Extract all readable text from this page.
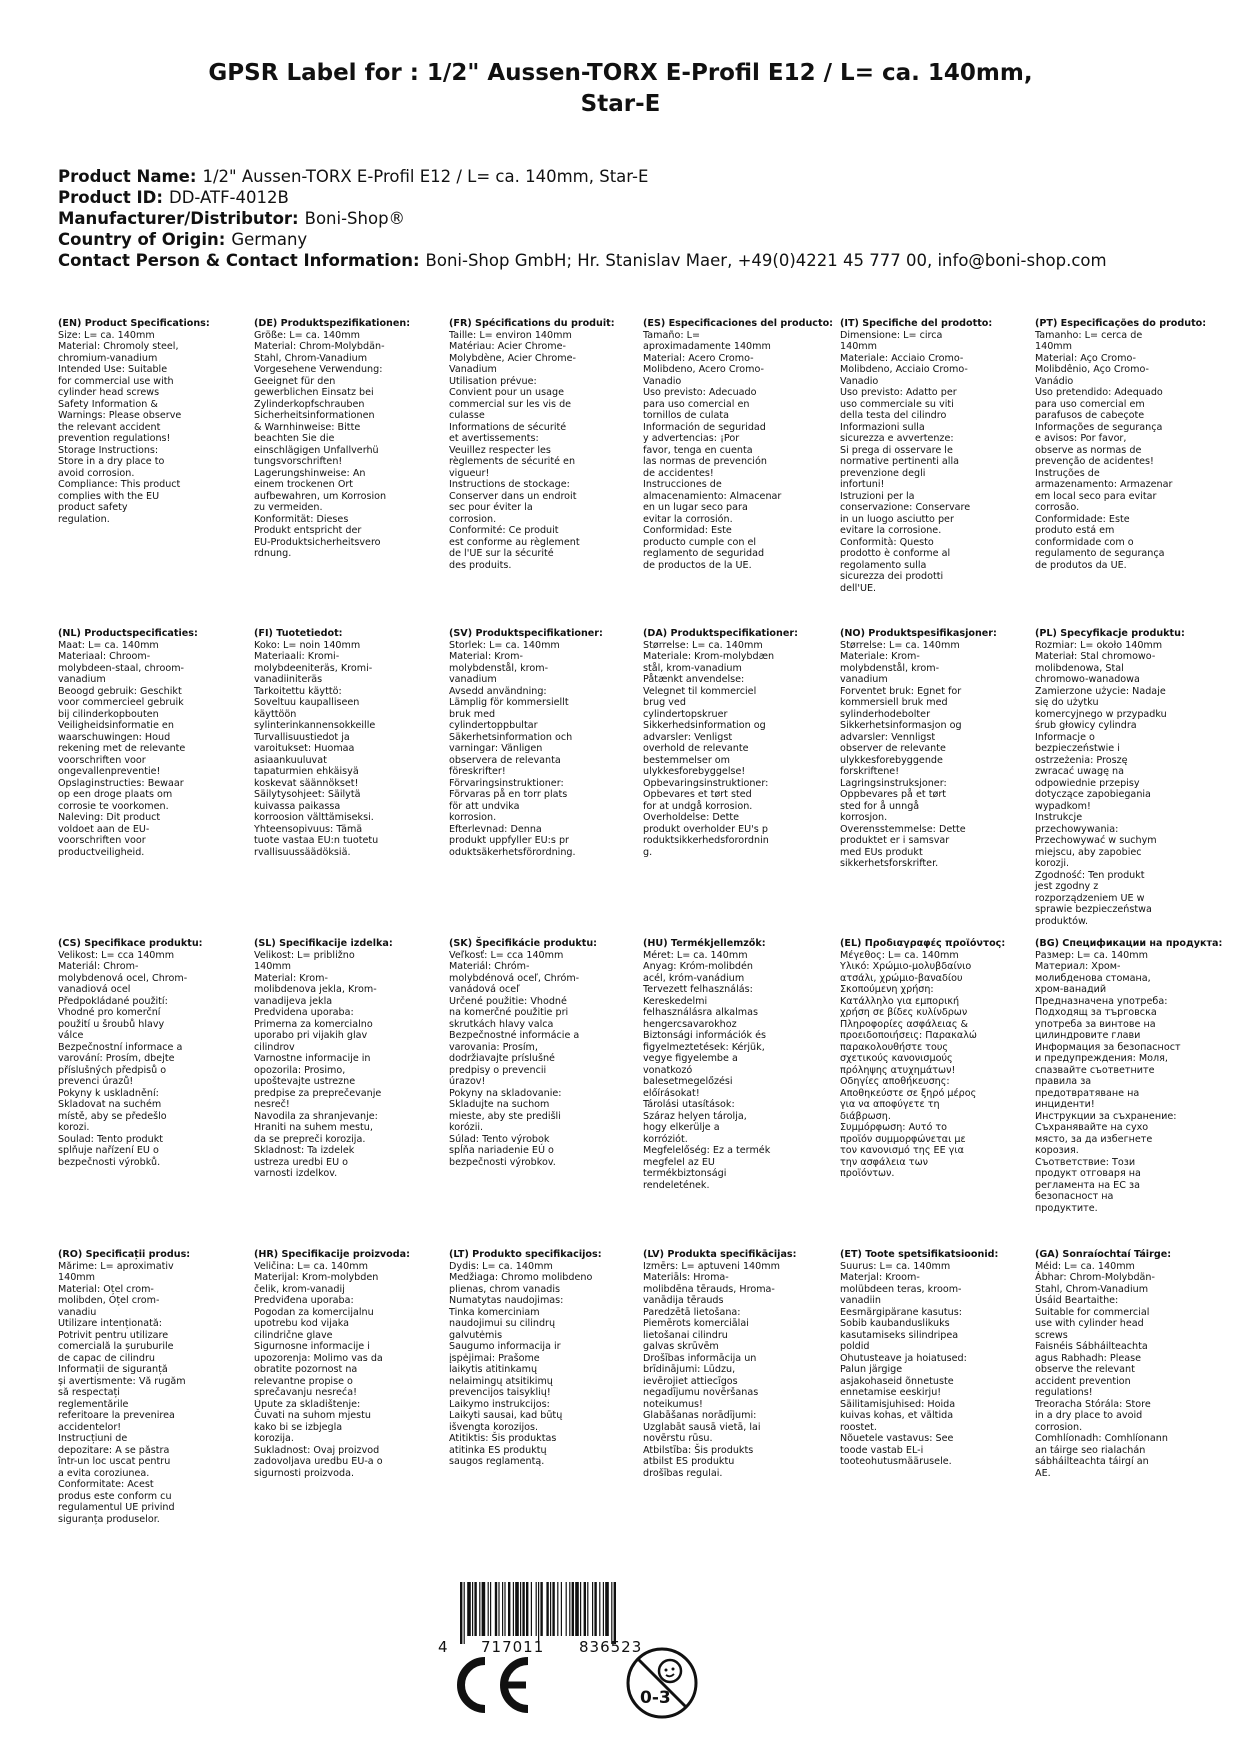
GPSR Label for : 1/2" Aussen-TORX E-Profil E12 / L= ca. 140mm,
Star-E
Product Name: 1/2" Aussen-TORX E-Profil E12 / L= ca. 140mm, Star-E
Product ID: DD-ATF-4012B
Manufacturer/Distributor: Boni-Shop®
Country of Origin: Germany
Contact Person & Contact Information: Boni-Shop GmbH; Hr. Stanislav Maer, +49(0)4221 45 777 00, info@boni-shop.com
(EN) Product Specifications:
Size: L= ca. 140mm
Material: Chromoly steel,
chromium-vanadium
Intended Use: Suitable
for commercial use with
cylinder head screws
Safety Information &
Warnings: Please observe
the relevant accident
prevention regulations!
Storage Instructions:
Store in a dry place to
avoid corrosion.
Compliance: This product
complies with the EU
product safety
regulation.
(DE) Produktspezifikationen:
Größe: L= ca. 140mm
Material: Chrom-Molybdän-
Stahl, Chrom-Vanadium
Vorgesehene Verwendung:
Geeignet für den
gewerblichen Einsatz bei
Zylinderkopfschrauben
Sicherheitsinformationen
& Warnhinweise: Bitte
beachten Sie die
einschlägigen Unfallverhü
tungsvorschriften!
Lagerungshinweise: An
einem trockenen Ort
aufbewahren, um Korrosion
zu vermeiden.
Konformität: Dieses
Produkt entspricht der
EU-Produktsicherheitsvero
rdnung.
(FR) Spécifications du produit:
Taille: L= environ 140mm
Matériau: Acier Chrome-
Molybdène, Acier Chrome-
Vanadium
Utilisation prévue:
Convient pour un usage
commercial sur les vis de
culasse
Informations de sécurité
et avertissements:
Veuillez respecter les
règlements de sécurité en
vigueur!
Instructions de stockage:
Conserver dans un endroit
sec pour éviter la
corrosion.
Conformité: Ce produit
est conforme au règlement
de l'UE sur la sécurité
des produits.
(ES) Especificaciones del producto:
Tamaño: L=
aproximadamente 140mm
Material: Acero Cromo-
Molibdeno, Acero Cromo-
Vanadio
Uso previsto: Adecuado
para uso comercial en
tornillos de culata
Información de seguridad
y advertencias: ¡Por
favor, tenga en cuenta
las normas de prevención
de accidentes!
Instrucciones de
almacenamiento: Almacenar
en un lugar seco para
evitar la corrosión.
Conformidad: Este
producto cumple con el
reglamento de seguridad
de productos de la UE.
(IT) Specifiche del prodotto:
Dimensione: L= circa
140mm
Materiale: Acciaio Cromo-
Molibdeno, Acciaio Cromo-
Vanadio
Uso previsto: Adatto per
uso commerciale su viti
della testa del cilindro
Informazioni sulla
sicurezza e avvertenze:
Si prega di osservare le
normative pertinenti alla
prevenzione degli
infortuni!
Istruzioni per la
conservazione: Conservare
in un luogo asciutto per
evitare la corrosione.
Conformità: Questo
prodotto è conforme al
regolamento sulla
sicurezza dei prodotti
dell'UE.
(PT) Especificações do produto:
Tamanho: L= cerca de
140mm
Material: Aço Cromo-
Molibdênio, Aço Cromo-
Vanádio
Uso pretendido: Adequado
para uso comercial em
parafusos de cabeçote
Informações de segurança
e avisos: Por favor,
observe as normas de
prevenção de acidentes!
Instruções de
armazenamento: Armazenar
em local seco para evitar
corrosão.
Conformidade: Este
produto está em
conformidade com o
regulamento de segurança
de produtos da UE.
(NL) Productspecificaties:
Maat: L= ca. 140mm
Materiaal: Chroom-
molybdeen-staal, chroom-
vanadium
Beoogd gebruik: Geschikt
voor commercieel gebruik
bij cilinderkopbouten
Veiligheidsinformatie en
waarschuwingen: Houd
rekening met de relevante
voorschriften voor
ongevallenpreventie!
Opslaginstructies: Bewaar
op een droge plaats om
corrosie te voorkomen.
Naleving: Dit product
voldoet aan de EU-
voorschriften voor
productveiligheid.
(FI) Tuotetiedot:
Koko: L= noin 140mm
Materiaali: Kromi-
molybdeeniteräs, Kromi-
vanadiiniteräs
Tarkoitettu käyttö:
Soveltuu kaupalliseen
käyttöön
sylinterinkannensokkeille
Turvallisuustiedot ja
varoitukset: Huomaa
asiaankuuluvat
tapaturmien ehkäisyä
koskevat säännökset!
Säilytysohjeet: Säilytä
kuivassa paikassa
korroosion välttämiseksi.
Yhteensopivuus: Tämä
tuote vastaa EU:n tuotetu
rvallisuussäädöksiä.
(SV) Produktspecifikationer:
Storlek: L= ca. 140mm
Material: Krom-
molybdenstål, krom-
vanadium
Avsedd användning:
Lämplig för kommersiellt
bruk med
cylindertoppbultar
Säkerhetsinformation och
varningar: Vänligen
observera de relevanta
föreskrifter!
Förvaringsinstruktioner:
Förvaras på en torr plats
för att undvika
korrosion.
Efterlevnad: Denna
produkt uppfyller EU:s pr
oduktsäkerhetsförordning.
(DA) Produktspecifikationer:
Størrelse: L= ca. 140mm
Materiale: Krom-molybdæn
stål, krom-vanadium
Påtænkt anvendelse:
Velegnet til kommerciel
brug ved
cylindertopskruer
Sikkerhedsinformation og
advarsler: Venligst
overhold de relevante
bestemmelser om
ulykkesforebyggelse!
Opbevaringsinstruktioner:
Opbevares et tørt sted
for at undgå korrosion.
Overholdelse: Dette
produkt overholder EU's p
roduktsikkerhedsforordnin
g.
(NO) Produktspesifikasjoner:
Størrelse: L= ca. 140mm
Materiale: Krom-
molybdenstål, krom-
vanadium
Forventet bruk: Egnet for
kommersiell bruk med
sylinderhodebolter
Sikkerhetsinformasjon og
advarsler: Vennligst
observer de relevante
ulykkesforebyggende
forskriftene!
Lagringsinstruksjoner:
Oppbevares på et tørt
sted for å unngå
korrosjon.
Overensstemmelse: Dette
produktet er i samsvar
med EUs produkt
sikkerhetsforskrifter.
(PL) Specyfikacje produktu:
Rozmiar: L= około 140mm
Materiał: Stal chromowo-
molibdenowa, Stal
chromowo-wanadowa
Zamierzone użycie: Nadaje
się do użytku
komercyjnego w przypadku
śrub głowicy cylindra
Informacje o
bezpieczeństwie i
ostrzeżenia: Proszę
zwracać uwagę na
odpowiednie przepisy
dotyczące zapobiegania
wypadkom!
Instrukcje
przechowywania:
Przechowywać w suchym
miejscu, aby zapobiec
korozji.
Zgodność: Ten produkt
jest zgodny z
rozporządzeniem UE w
sprawie bezpieczeństwa
produktów.
(CS) Specifikace produktu:
Velikost: L= cca 140mm
Materiál: Chrom-
molybdenová ocel, Chrom-
vanadiová ocel
Předpokládané použití:
Vhodné pro komerční
použití u šroubů hlavy
válce
Bezpečnostní informace a
varování: Prosím, dbejte
příslušných předpisů o
prevenci úrazů!
Pokyny k uskladnění:
Skladovat na suchém
místě, aby se předešlo
korozi.
Soulad: Tento produkt
splňuje nařízení EU o
bezpečnosti výrobků.
(SL) Specifikacije izdelka:
Velikost: L= približno
140mm
Material: Krom-
molibdenova jekla, Krom-
vanadijeva jekla
Predvidena uporaba:
Primerna za komercialno
uporabo pri vijakih glav
cilindrov
Varnostne informacije in
opozorila: Prosimo,
upoštevajte ustrezne
predpise za preprečevanje
nesreč!
Navodila za shranjevanje:
Hraniti na suhem mestu,
da se prepreči korozija.
Skladnost: Ta izdelek
ustreza uredbi EU o
varnosti izdelkov.
(SK) Špecifikácie produktu:
Veľkosť: L= cca 140mm
Materiál: Chróm-
molybdénová oceľ, Chróm-
vanádová oceľ
Určené použitie: Vhodné
na komerčné použitie pri
skrutkách hlavy valca
Bezpečnostné informácie a
varovania: Prosím,
dodržiavajte príslušné
predpisy o prevencii
úrazov!
Pokyny na skladovanie:
Skladujte na suchom
mieste, aby ste predišli
korózii.
Súlad: Tento výrobok
spĺňa nariadenie EÚ o
bezpečnosti výrobkov.
(HU) Termékjellemzők:
Méret: L= ca. 140mm
Anyag: Króm-molibdén
acél, króm-vanádium
Tervezett felhasználás:
Kereskedelmi
felhasználásra alkalmas
hengercsavarokhoz
Biztonsági információk és
figyelmeztetések: Kérjük,
vegye figyelembe a
vonatkozó
balesetmegelőzési
előírásokat!
Tárolási utasítások:
Száraz helyen tárolja,
hogy elkerülje a
korróziót.
Megfelelőség: Ez a termék
megfelel az EU
termékbiztonsági
rendeletének.
(EL) Προδιαγραφές προϊόντος:
Μέγεθος: L= ca. 140mm
Υλικό: Χρώμιο-μολυβδαίνιο
ατσάλι, χρώμιο-βαναδίου
Σκοπούμενη χρήση:
Κατάλληλο για εμπορική
χρήση σε βίδες κυλίνδρων
Πληροφορίες ασφάλειας &
προειδοποιήσεις: Παρακαλώ
παρακολουθήστε τους
σχετικούς κανονισμούς
πρόληψης ατυχημάτων!
Οδηγίες αποθήκευσης:
Αποθηκεύστε σε ξηρό μέρος
για να αποφύγετε τη
διάβρωση.
Συμμόρφωση: Αυτό το
προϊόν συμμορφώνεται με
τον κανονισμό της ΕΕ για
την ασφάλεια των
προϊόντων.
(BG) Спецификации на продукта:
Размер: L= ca. 140mm
Материал: Хром-
молибденова стомана,
хром-ванадий
Предназначена употреба:
Подходящ за търговска
употреба за винтове на
цилиндровите глави
Информация за безопасност
и предупреждения: Моля,
спазвайте съответните
правила за
предотвратяване на
инциденти!
Инструкции за съхранение:
Съхранявайте на сухо
място, за да избегнете
корозия.
Съответствие: Този
продукт отговаря на
регламента на ЕС за
безопасност на
продуктите.
(RO) Specificații produs:
Mărime: L= aproximativ
140mm
Material: Oțel crom-
molibden, Oțel crom-
vanadiu
Utilizare intenționată:
Potrivit pentru utilizare
comercială la șuruburile
de capac de cilindru
Informații de siguranță
și avertismente: Vă rugăm
să respectați
reglementările
referitoare la prevenirea
accidentelor!
Instrucțiuni de
depozitare: A se păstra
într-un loc uscat pentru
a evita coroziunea.
Conformitate: Acest
produs este conform cu
regulamentul UE privind
siguranța produselor.
(HR) Specifikacije proizvoda:
Veličina: L= ca. 140mm
Materijal: Krom-molybden
čelik, krom-vanadij
Predviđena uporaba:
Pogodan za komercijalnu
upotrebu kod vijaka
cilindrične glave
Sigurnosne informacije i
upozorenja: Molimo vas da
obratite pozornost na
relevantne propise o
sprečavanju nesreća!
Upute za skladištenje:
Čuvati na suhom mjestu
kako bi se izbjegla
korozija.
Sukladnost: Ovaj proizvod
zadovoljava uredbu EU-a o
sigurnosti proizvoda.
(LT) Produkto specifikacijos:
Dydis: L= ca. 140mm
Medžiaga: Chromo molibdeno
plienas, chrom vanadis
Numatytas naudojimas:
Tinka komerciniam
naudojimui su cilindrų
galvutėmis
Saugumo informacija ir
įspėjimai: Prašome
laikytis atitinkamų
nelaimingų atsitikimų
prevencijos taisyklių!
Laikymo instrukcijos:
Laikyti sausai, kad būtų
išvengta korozijos.
Atitiktis: Šis produktas
atitinka ES produktų
saugos reglamentą.
(LV) Produkta specifikācijas:
Izmērs: L= aptuveni 140mm
Materiāls: Hroma-
molibdēna tērauds, Hroma-
vanādija tērauds
Paredzētā lietošana:
Piemērots komerciālai
lietošanai cilindru
galvas skrūvēm
Drošības informācija un
brīdinājumi: Lūdzu,
ievērojiet attiecīgos
negadījumu novēršanas
noteikumus!
Glabāšanas norādījumi:
Uzglabāt sausā vietā, lai
novērstu rūsu.
Atbilstība: Šis produkts
atbilst ES produktu
drošības regulai.
(ET) Toote spetsifikatsioonid:
Suurus: L= ca. 140mm
Materjal: Kroom-
molübdeen teras, kroom-
vanadiin
Eesmärgipärane kasutus:
Sobib kaubanduslikuks
kasutamiseks silindripea
poldid
Ohutusteave ja hoiatused:
Palun järgige
asjakohaseid õnnetuste
ennetamise eeskirju!
Säilitamisjuhised: Hoida
kuivas kohas, et vältida
roostet.
Nõuetele vastavus: See
toode vastab EL-i
tooteohutusmäärusele.
(GA) Sonraíochtaí Táirge:
Méid: L= ca. 140mm
Ábhar: Chrom-Molybdän-
Stahl, Chrom-Vanadium
Úsáid Beartaithe:
Suitable for commercial
use with cylinder head
screws
Faisnéis Sábháilteachta
agus Rabhadh: Please
observe the relevant
accident prevention
regulations!
Treoracha Stórála: Store
in a dry place to avoid
corrosion.
Comhlíonadh: Comhlíonann
an táirge seo rialachán
sábháilteachta táirgí an
AE.
4 717011 836523
0-3
